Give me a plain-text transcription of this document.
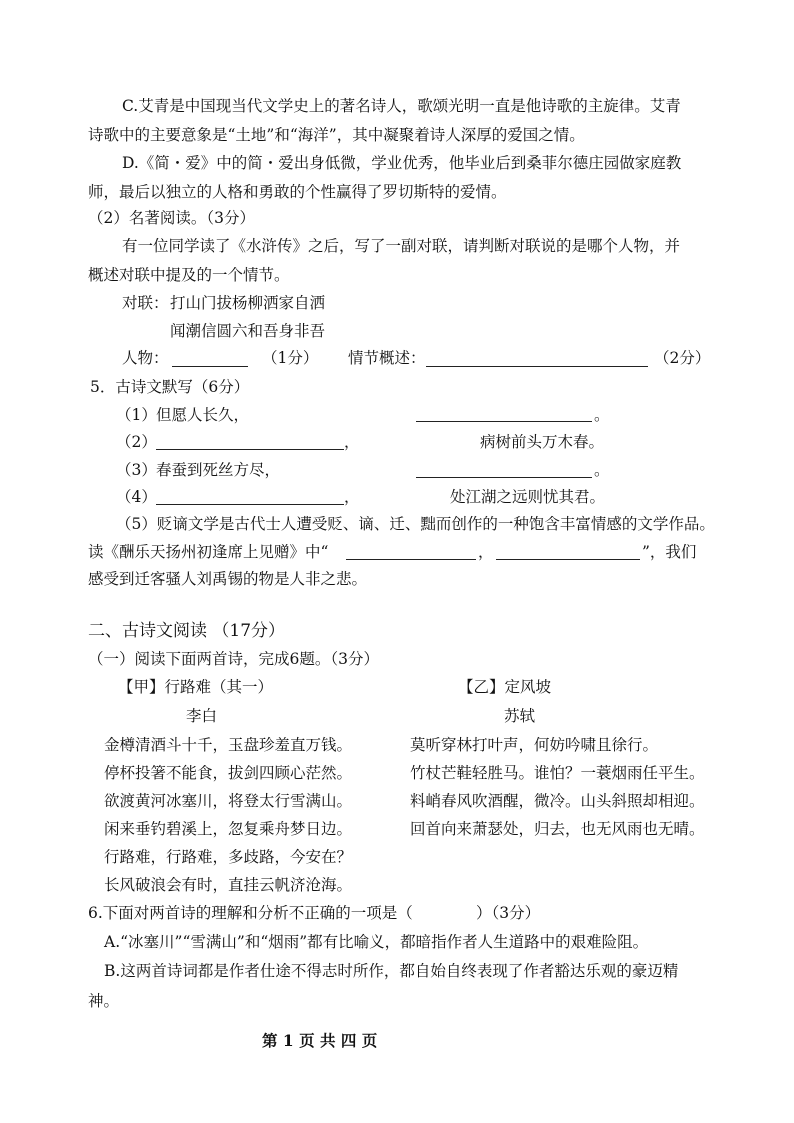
C.艾青是中国现当代文学史上的著名诗人，歌颂光明一直是他诗歌的主旋律。艾青
诗歌中的主要意象是“土地”和“海洋”，其中凝聚着诗人深厚的爱国之情。
D.《简・爱》中的简・爱出身低微，学业优秀，他毕业后到桑菲尔德庄园做家庭教
师，最后以独立的人格和勇敢的个性赢得了罗切斯特的爱情。
（2）名著阅读。（3分）
有一位同学读了《水浒传》之后，写了一副对联，请判断对联说的是哪个人物，并
概述对联中提及的一个情节。
对联： 打山门拔杨柳洒家自洒
闻潮信圆六和吾身非吾
人物：	（1分） 情节概述：	（2分）
5．古诗文默写（6分）
（1） 但愿人长久，	。
（2）	，	病树前头万木春。
（3） 春蚕到死丝方尽，	。
（4）	，	处江湖之远则忧其君。
（5）贬谪文学是古代士人遭受贬、谪、迁、黜而创作的一种饱含丰富情感的文学作品。
读《酬乐天扬州初逢席上见赠》中“	，	”，我们
感受到迁客骚人刘禹锡的物是人非之悲。
二、古诗文阅读 （17分）
（一）阅读下面两首诗，完成6题。（3分）
【甲】行路难（其一）
李白
金樽清酒斗十千，玉盘珍羞直万钱。
停杯投箸不能食，拔剑四顾心茫然。
欲渡黄河冰塞川，将登太行雪满山。
闲来垂钓碧溪上，忽复乘舟梦日边。
行路难，行路难，多歧路，今安在？
长风破浪会有时，直挂云帆济沧海。
【乙】定风坡
苏轼
莫听穿林打叶声，何妨吟啸且徐行。
竹杖芒鞋轻胜马。谁怕？一蓑烟雨任平生。
料峭春风吹酒醒，微冷。山头斜照却相迎。
回首向来萧瑟处，归去，也无风雨也无晴。
6.下面对两首诗的理解和分析不正确的一项是（	）（3分）
A.“冰塞川”“雪满山”和“烟雨”都有比喻义，都暗指作者人生道路中的艰难险阻。
B.这两首诗词都是作者仕途不得志时所作，都自始自终表现了作者豁达乐观的豪迈精
神。
第 1 页 共 四 页
